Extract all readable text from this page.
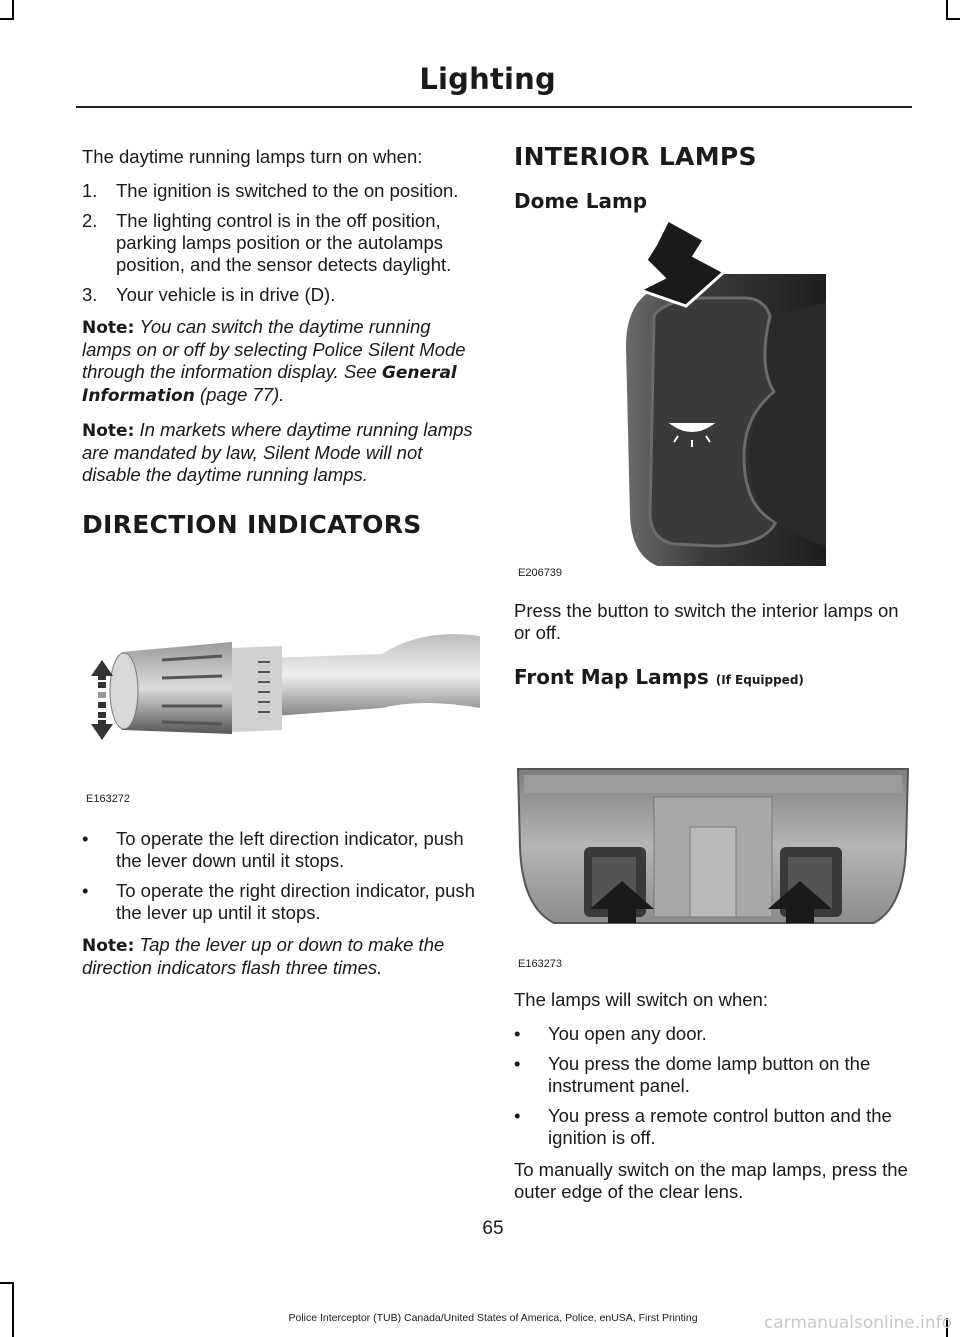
Lighting

The daytime running lamps turn on when:

1. The ignition is switched to the on position.
2. The lighting control is in the off position, parking lamps position or the autolamps position, and the sensor detects daylight.
3. Your vehicle is in drive (D).

Note: You can switch the daytime running lamps on or off by selecting Police Silent Mode through the information display. See General Information (page 77).

Note: In markets where daytime running lamps are mandated by law, Silent Mode will not disable the daytime running lamps.

DIRECTION INDICATORS
E163272
• To operate the left direction indicator, push the lever down until it stops.
• To operate the right direction indicator, push the lever up until it stops.

Note: Tap the lever up or down to make the direction indicators flash three times.

INTERIOR LAMPS
Dome Lamp
E206739

Press the button to switch the interior lamps on or off.

Front Map Lamps (If Equipped)
E163273

The lamps will switch on when:

• You open any door.
• You press the dome lamp button on the instrument panel.
• You press a remote control button and the ignition is off.

To manually switch on the map lamps, press the outer edge of the clear lens.

65
Police Interceptor (TUB) Canada/United States of America, Police, enUSA, First Printing	carmanualsonline.info
